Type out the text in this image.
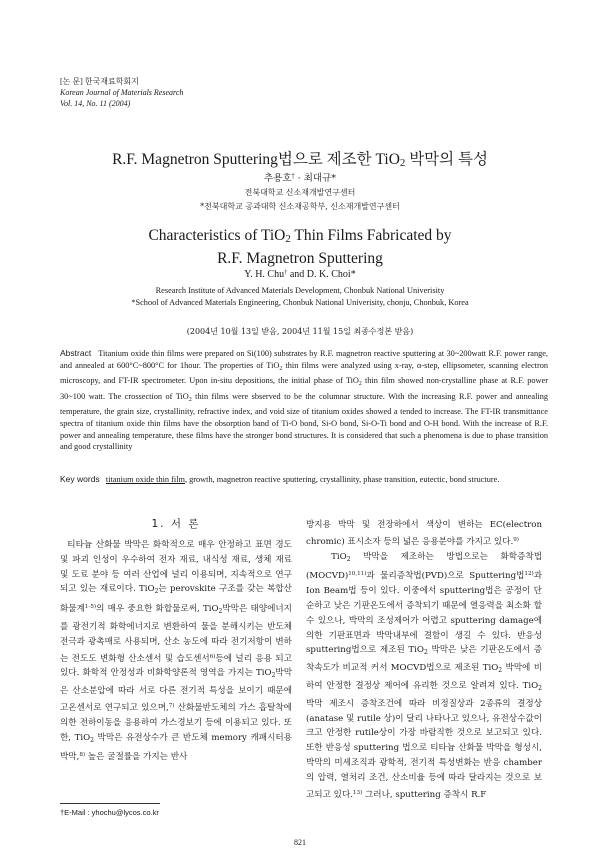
[논 문] 한국재료학회지
Korean Journal of Materials Research
Vol. 14, No. 11 (2004)
R.F. Magnetron Sputtering법으로 제조한 TiO$_2$ 박막의 특성
추용호† · 최대규*
전북대학교 신소재개발연구센터
*전북대학교 공과대학 신소재공학부, 신소재개발연구센터
Characteristics of TiO$_2$ Thin Films Fabricated by
R.F. Magnetron Sputtering
Y. H. Chu† and D. K. Choi*
Research Institute of Advanced Materials Development, Chonbuk National Univerisity
*School of Advanced Materials Engineering, Chonbuk National Univerisity, chonju, Chonbuk, Korea
(2004년 10월 13일 받음, 2004년 11월 15일 최종수정본 받음)
Abstract Titanium oxide thin films were prepared on Si(100) substrates by R.F. magnetron reactive sputtering at 30~200watt R.F. power range, and annealed at 600°C~800°C for 1hour. The properties of TiO$_2$ thin films were analyzed using x-ray, α-step, ellipsometer, scanning electron microscopy, and FT-IR spectrometer. Upon in-situ depositions, the initial phase of TiO$_2$ thin film showed non-crystalline phase at R.F. power 30~100 watt. The crossection of TiO$_2$ thin films were sbserved to be the columnar structure. With the increasing R.F. power and annealing temperature, the grain size, crystallinity, refractive index, and void size of titanium oxides showed a tended to increase. The FT-IR transmittance spectra of titanium oxide thin films have the obsorption band of Ti-O bond, Si-O bond, Si-O-Ti bond and O-H bond. With the increase of R.F. power and annealing temperature, these films have the stronger bond structures. It is considered that such a phenomena is due to phase transition and good crystallinity
Key words titanium oxide thin film, growth, magnetron reactive sputtering, crystallinity, phase transition, eutectic, bond structure.
1. 서 론

티타늄 산화물 박막은 화학적으로 매우 안정하고 표면 경도 및 파괴 인성이 우수하여 전자 재료, 내식성 재료, 생체 재료 및 도료 분야 등 여러 산업에 널리 이용되며, 지속적으로 연구되고 있는 재료이다. TiO$_2$는 perovskite 구조를 갖는 복합산화물계$^{1-5)}$의 매우 중요한 화합물로써, TiO$_2$박막은 태양에너지를 광전기적 화학에너지로 변환하여 물을 분해시키는 반도체 전극과 광촉매로 사용되며, 산소 농도에 따라 전기저항이 변하는 전도도 변화형 산소센서 및 습도센서$^{6)}$등에 널리 응용 되고있다. 화학적 안정성과 비화학양론적 영역을 가지는 TiO$_2$박막은 산소분압에 따라 서로 다른 전기적 특성을 보이기 때문에 고온센서로 연구되고 있으며,$^{7)}$ 산화물반도체의 가스 흡탈착에 의한 전하이동을 응용하여 가스경보기 등에 이용되고 있다. 또한, TiO$_2$ 박막은 유전상수가 큰 반도체 memory 캐패시터용 박막,$^{8)}$ 높은 굴절률을 가지는 반사

방지용 박막 및 전장하에서 색상이 변하는 EC(electron chromic) 표시소자 등의 넓은 응용분야를 가지고 있다.$^{9)}$

TiO$_2$ 박막을 제조하는 방법으로는 화학증착법(MOCVD)$^{10,11)}$과 물리증착법(PVD)으로 Sputtering법$^{12)}$과 Ion Beam법 등이 있다. 이중에서 sputtering법은 공정이 단순하고 낮은 기판온도에서 증착되기 때문에 열응력을 최소화 할 수 있으나, 박막의 조성제어가 어렵고 sputtering damage에 의한 기판표면과 박막내부에 결함이 생길 수 있다. 반응성 sputtering법으로 제조된 TiO$_2$ 박막은 낮은 기판온도에서 증착속도가 비교적 커서 MOCVD법으로 제조된 TiO$_2$ 박막에 비하여 안정한 결정상 제어에 유리한 것으로 알려져 있다. TiO$_2$ 박막 제조시 증착조건에 따라 비정질상과 2종류의 결정상(anatase 및 rutile 상)이 달리 나타나고 있으나, 유전상수값이 크고 안정한 rutile상이 가장 바람직한 것으로 보고되고 있다. 또한 반응성 sputtering 법으로 티타늄 산화물 박막을 형성시, 박막의 미세조직과 광학적, 전기적 특성변화는 반응 chamber의 압력, 열처리 조건, 산소비율 등에 따라 달라지는 것으로 보고되고 있다.$^{13)}$ 그러나, sputtering 증착시 R.F

†E-Mail : yhochu@lycos.co.kr
821
